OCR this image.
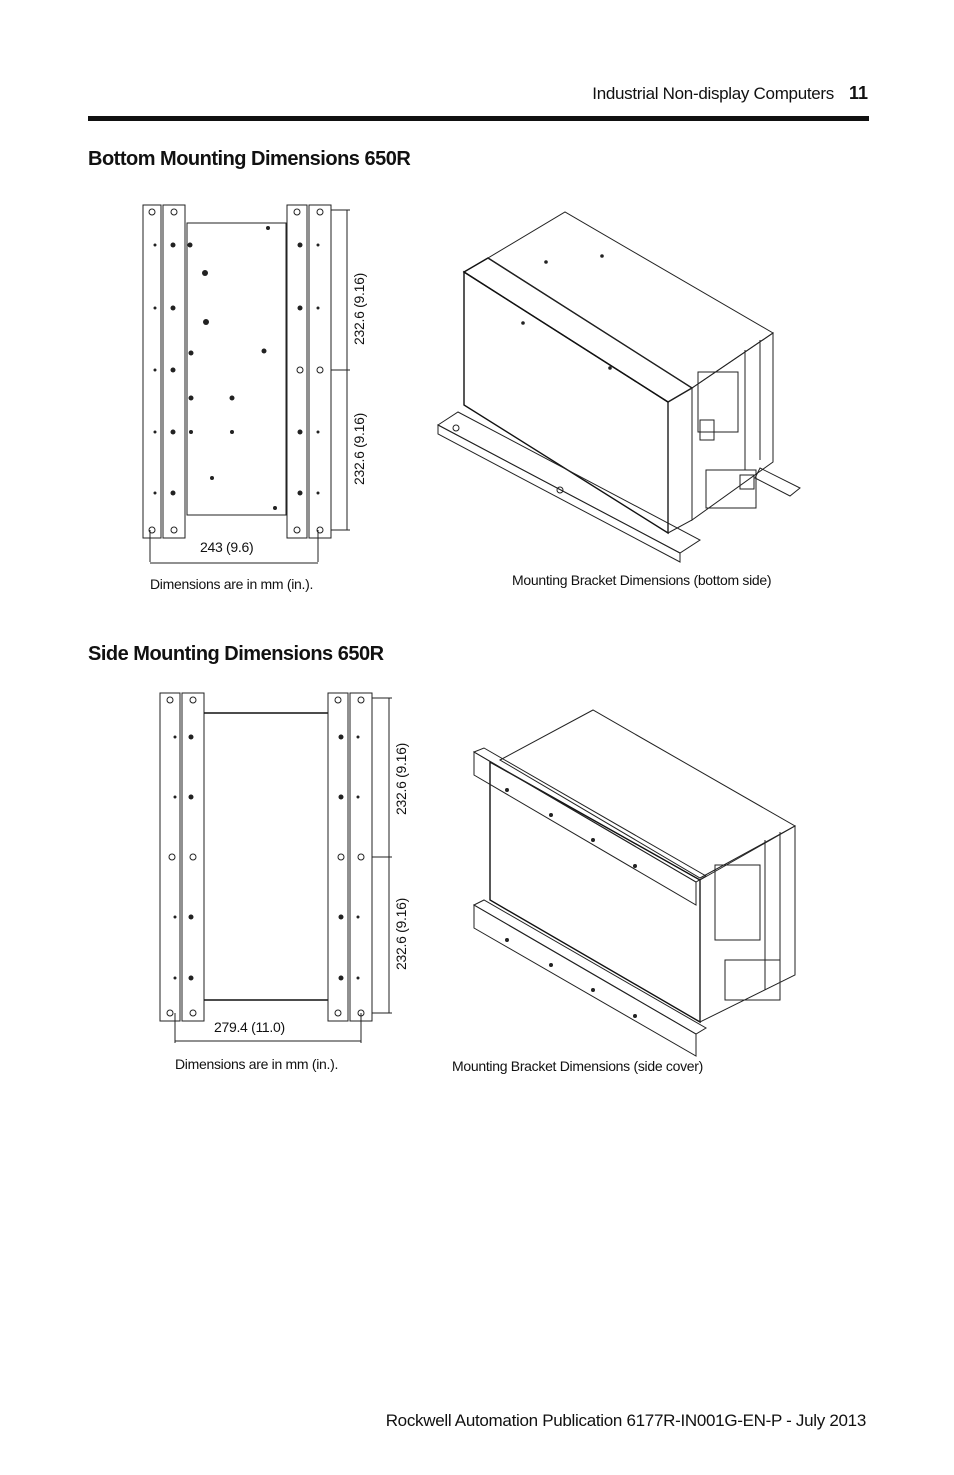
Industrial Non-display Computers 11
Bottom Mounting Dimensions 650R
232.6 (9.16)
232.6 (9.16)
243 (9.6)
Dimensions are in mm (in.).	Mounting Bracket Dimensions (bottom side)
Side Mounting Dimensions 650R
232.6 (9.16)
232.6 (9.16)
279.4 (11.0)
Dimensions are in mm (in.).	Mounting Bracket Dimensions (side cover)
Rockwell Automation Publication 6177R-IN001G-EN-P - July 2013
